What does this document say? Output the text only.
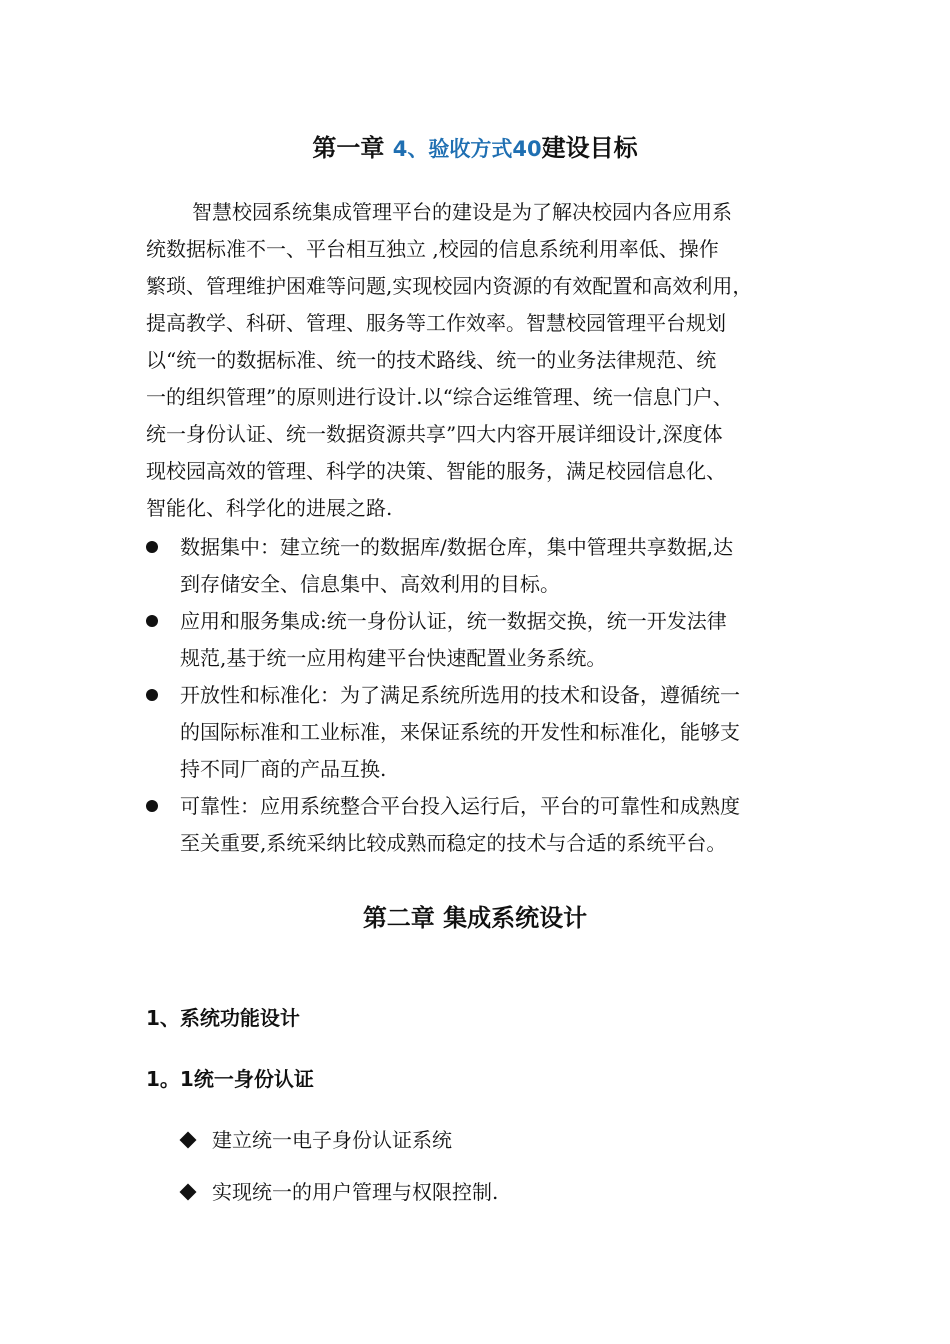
第一章 4、验收方式40建设目标
智慧校园系统集成管理平台的建设是为了解决校园内各应用系
统数据标准不一、平台相互独立 ,校园的信息系统利用率低、操作
繁琐、管理维护困难等问题,实现校园内资源的有效配置和高效利用，
提高教学、科研、管理、服务等工作效率。智慧校园管理平台规划
以“统一的数据标准、统一的技术路线、统一的业务法律规范、统
一的组织管理”的原则进行设计.以“综合运维管理、统一信息门户、
统一身份认证、统一数据资源共享”四大内容开展详细设计,深度体
现校园高效的管理、科学的决策、智能的服务，满足校园信息化、
智能化、科学化的进展之路.
数据集中：建立统一的数据库/数据仓库，集中管理共享数据,达
到存储安全、信息集中、高效利用的目标。
应用和服务集成:统一身份认证，统一数据交换，统一开发法律
规范,基于统一应用构建平台快速配置业务系统。
开放性和标准化：为了满足系统所选用的技术和设备，遵循统一
的国际标准和工业标准，来保证系统的开发性和标准化，能够支
持不同厂商的产品互换.
可靠性：应用系统整合平台投入运行后，平台的可靠性和成熟度
至关重要,系统采纳比较成熟而稳定的技术与合适的系统平台。
第二章 集成系统设计
1、系统功能设计
1。1统一身份认证
建立统一电子身份认证系统
实现统一的用户管理与权限控制.
